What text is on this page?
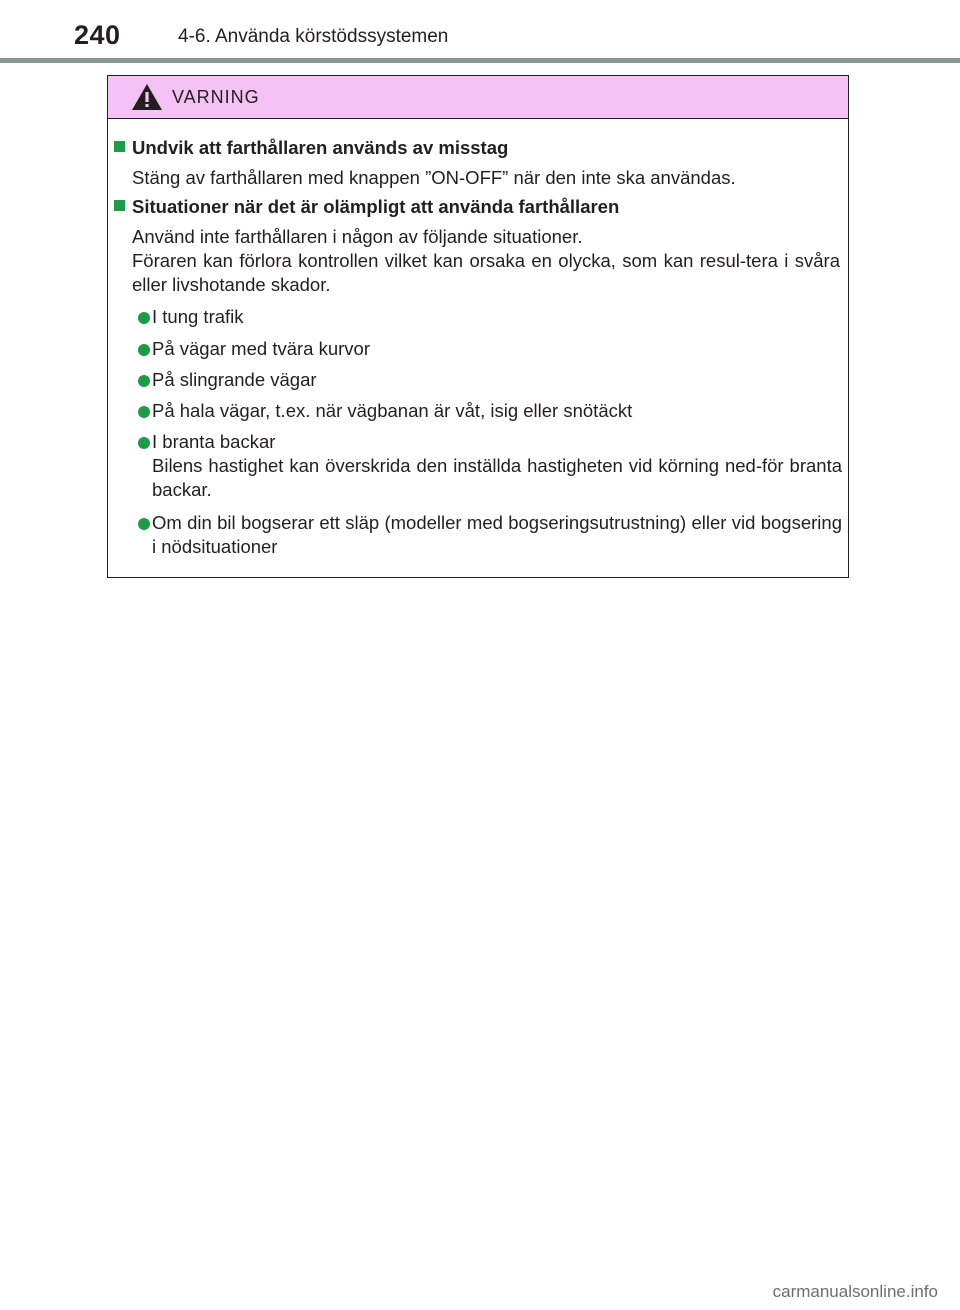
240	4-6. Använda körstödssystemen
VARNING
Undvik att farthållaren används av misstag
Stäng av farthållaren med knappen ”ON-OFF” när den inte ska användas.
Situationer när det är olämpligt att använda farthållaren
Använd inte farthållaren i någon av följande situationer.
Föraren kan förlora kontrollen vilket kan orsaka en olycka, som kan resul-tera i svåra eller livshotande skador.
I tung trafik
På vägar med tvära kurvor
På slingrande vägar
På hala vägar, t.ex. när vägbanan är våt, isig eller snötäckt
I branta backar
Bilens hastighet kan överskrida den inställda hastigheten vid körning ned-för branta backar.
Om din bil bogserar ett släp (modeller med bogseringsutrustning) eller vid bogsering i nödsituationer
carmanualsonline.info
